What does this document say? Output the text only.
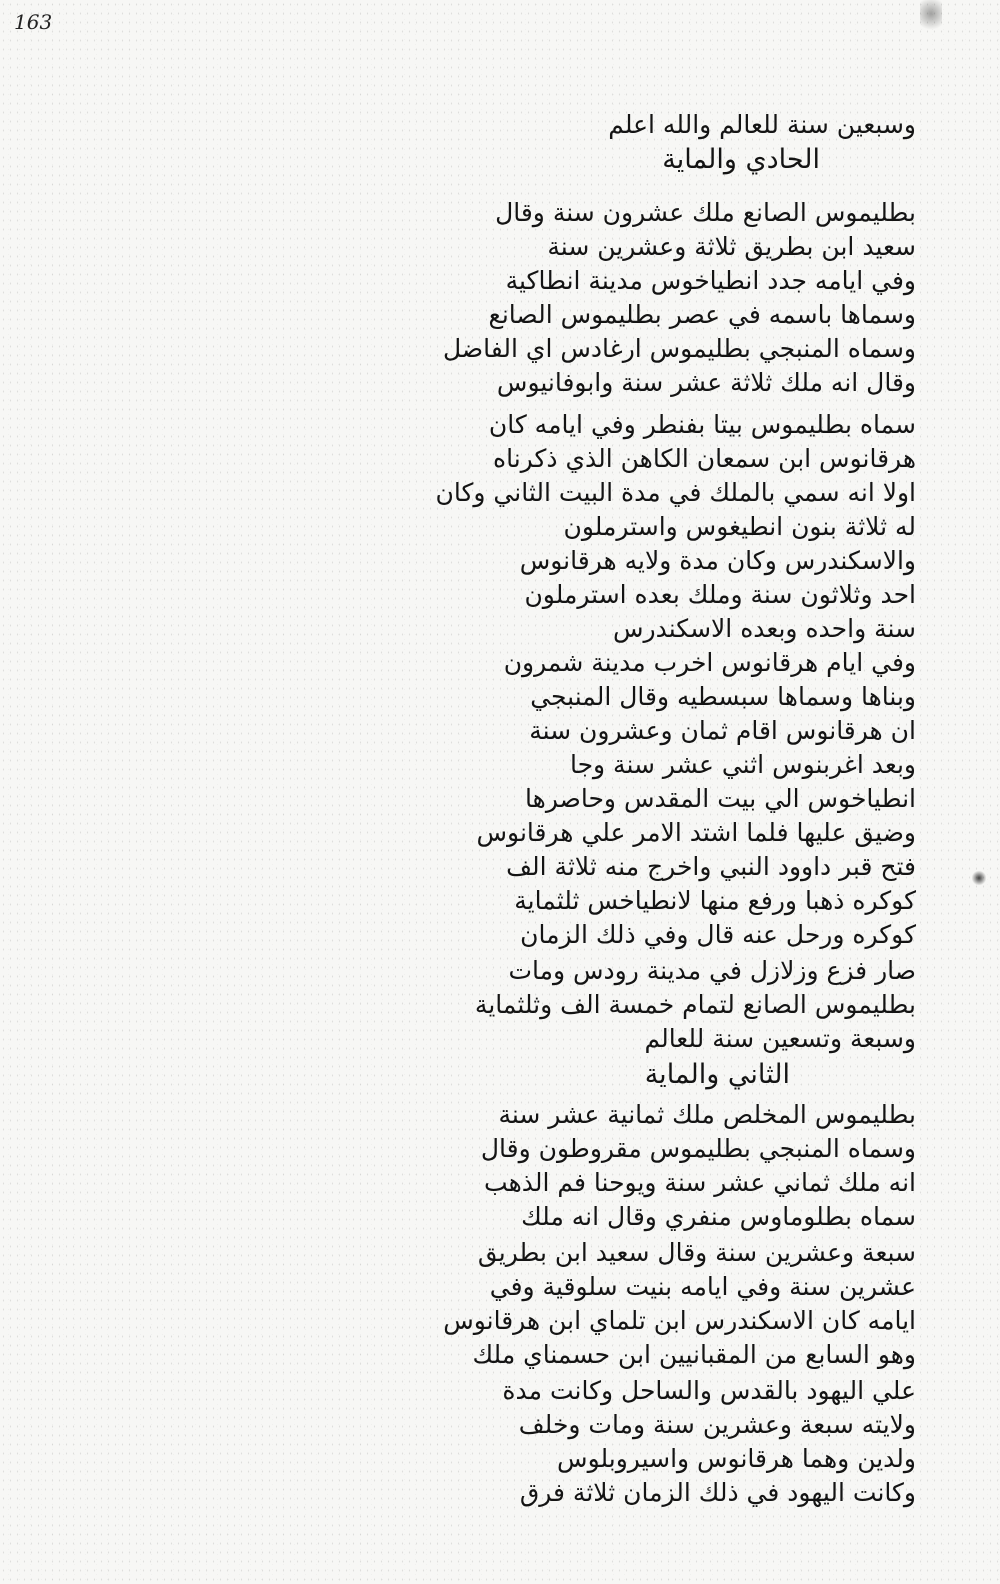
163
وسبعين سنة للعالم والله اعلم
الحادي والماية
بطليموس الصانع ملك عشرون سنة وقال
سعيد ابن بطريق ثلاثة وعشرين سنة
وفي ايامه جدد انطياخوس مدينة انطاكية
وسماها باسمه في عصر بطليموس الصانع
وسماه المنبجي بطليموس ارغادس اي الفاضل
وقال انه ملك ثلاثة عشر سنة وابوفانيوس
سماه بطليموس بيتا بفنطر وفي ايامه كان
هرقانوس ابن سمعان الكاهن الذي ذكرناه
اولا انه سمي بالملك في مدة البيت الثاني وكان
له ثلاثة بنون انطيغوس واسترملون
والاسكندرس وكان مدة ولايه هرقانوس
احد وثلاثون سنة وملك بعده استرملون
سنة واحده وبعده الاسكندرس
وفي ايام هرقانوس اخرب مدينة شمرون
وبناها وسماها سبسطيه وقال المنبجي
ان هرقانوس اقام ثمان وعشرون سنة
وبعد اغربنوس اثني عشر سنة وجا
انطياخوس الي بيت المقدس وحاصرها
وضيق عليها فلما اشتد الامر علي هرقانوس
فتح قبر داوود النبي واخرج منه ثلاثة الف
كوكره ذهبا ورفع منها لانطياخس ثلثماية
كوكره ورحل عنه قال وفي ذلك الزمان
صار فزع وزلازل في مدينة رودس ومات
بطليموس الصانع لتمام خمسة الف وثلثماية
وسبعة وتسعين سنة للعالم
الثاني والماية
بطليموس المخلص ملك ثمانية عشر سنة
وسماه المنبجي بطليموس مقروطون وقال
انه ملك ثماني عشر سنة ويوحنا فم الذهب
سماه بطلوماوس منفري وقال انه ملك
سبعة وعشرين سنة وقال سعيد ابن بطريق
عشرين سنة وفي ايامه بنيت سلوقية وفي
ايامه كان الاسكندرس ابن تلماي ابن هرقانوس
وهو السابع من المقبانيين ابن حسمناي ملك
علي اليهود بالقدس والساحل وكانت مدة
ولايته سبعة وعشرين سنة ومات وخلف
ولدين وهما هرقانوس واسيروبلوس
وكانت اليهود في ذلك الزمان ثلاثة فرق
